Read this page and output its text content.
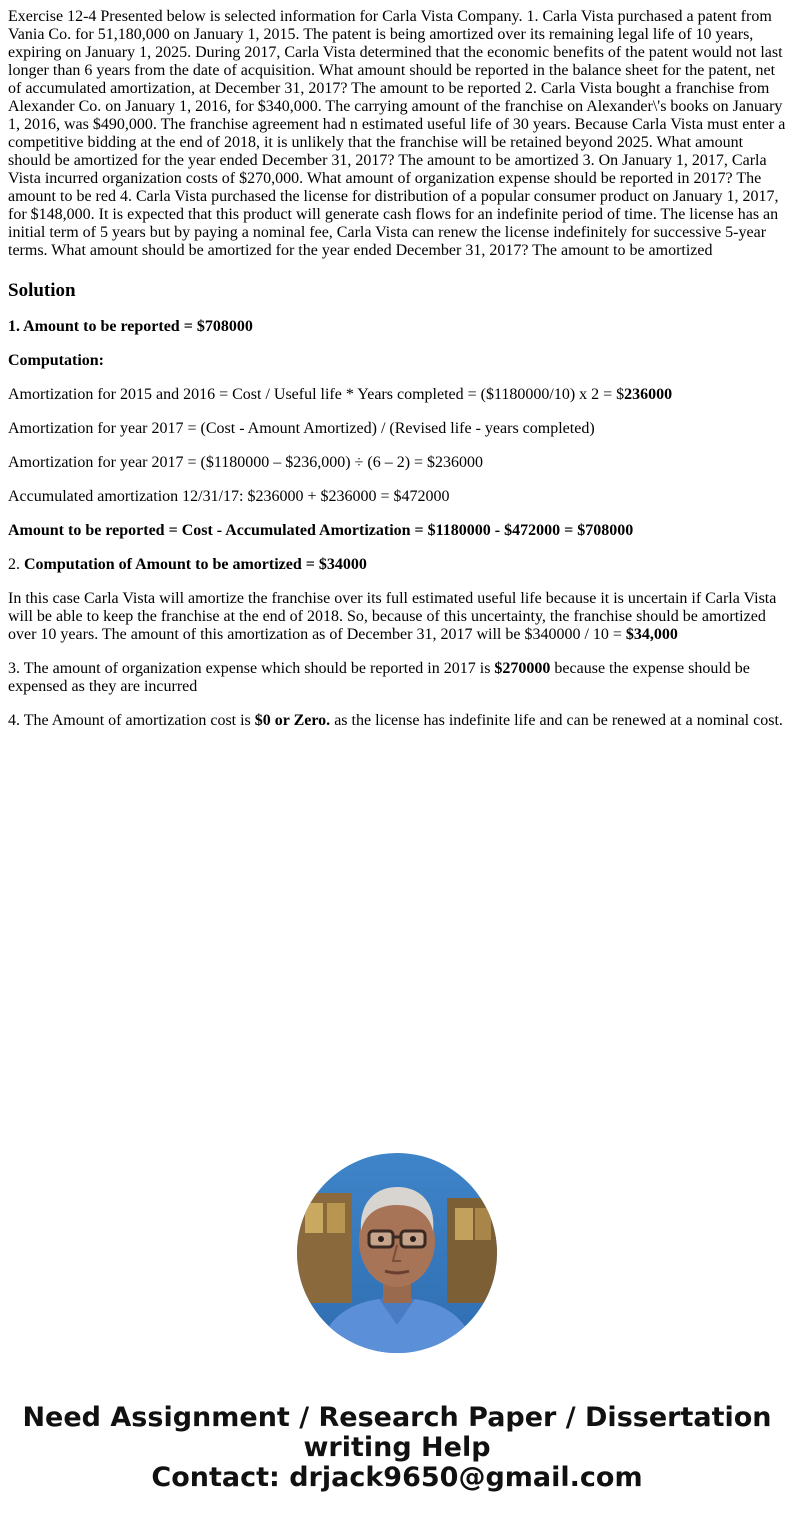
Exercise 12-4 Presented below is selected information for Carla Vista Company. 1. Carla Vista purchased a patent from Vania Co. for 51,180,000 on January 1, 2015. The patent is being amortized over its remaining legal life of 10 years, expiring on January 1, 2025. During 2017, Carla Vista determined that the economic benefits of the patent would not last longer than 6 years from the date of acquisition. What amount should be reported in the balance sheet for the patent, net of accumulated amortization, at December 31, 2017? The amount to be reported 2. Carla Vista bought a franchise from Alexander Co. on January 1, 2016, for $340,000. The carrying amount of the franchise on Alexander\'s books on January 1, 2016, was $490,000. The franchise agreement had n estimated useful life of 30 years. Because Carla Vista must enter a competitive bidding at the end of 2018, it is unlikely that the franchise will be retained beyond 2025. What amount should be amortized for the year ended December 31, 2017? The amount to be amortized 3. On January 1, 2017, Carla Vista incurred organization costs of $270,000. What amount of organization expense should be reported in 2017? The amount to be red 4. Carla Vista purchased the license for distribution of a popular consumer product on January 1, 2017, for $148,000. It is expected that this product will generate cash flows for an indefinite period of time. The license has an initial term of 5 years but by paying a nominal fee, Carla Vista can renew the license indefinitely for successive 5-year terms. What amount should be amortized for the year ended December 31, 2017? The amount to be amortized
Solution

1. Amount to be reported = $708000

Computation:

Amortization for 2015 and 2016 = Cost / Useful life * Years completed = ($1180000/10) x 2 = $236000

Amortization for year 2017 = (Cost - Amount Amortized) / (Revised life - years completed)

Amortization for year 2017 = ($1180000 – $236,000) ÷ (6 – 2) = $236000

Accumulated amortization 12/31/17: $236000 + $236000 = $472000

Amount to be reported = Cost - Accumulated Amortization = $1180000 - $472000 = $708000

2. Computation of Amount to be amortized = $34000

In this case Carla Vista will amortize the franchise over its full estimated useful life because it is uncertain if Carla Vista will be able to keep the franchise at the end of 2018. So, because of this uncertainty, the franchise should be amortized over 10 years. The amount of this amortization as of December 31, 2017 will be $340000 / 10 = $34,000

3. The amount of organization expense which should be reported in 2017 is $270000 because the expense should be expensed as they are incurred

4. The Amount of amortization cost is $0 or Zero. as the license has indefinite life and can be renewed at a nominal cost.

Need Assignment / Research Paper / Dissertation
writing Help
Contact: drjack9650@gmail.com
